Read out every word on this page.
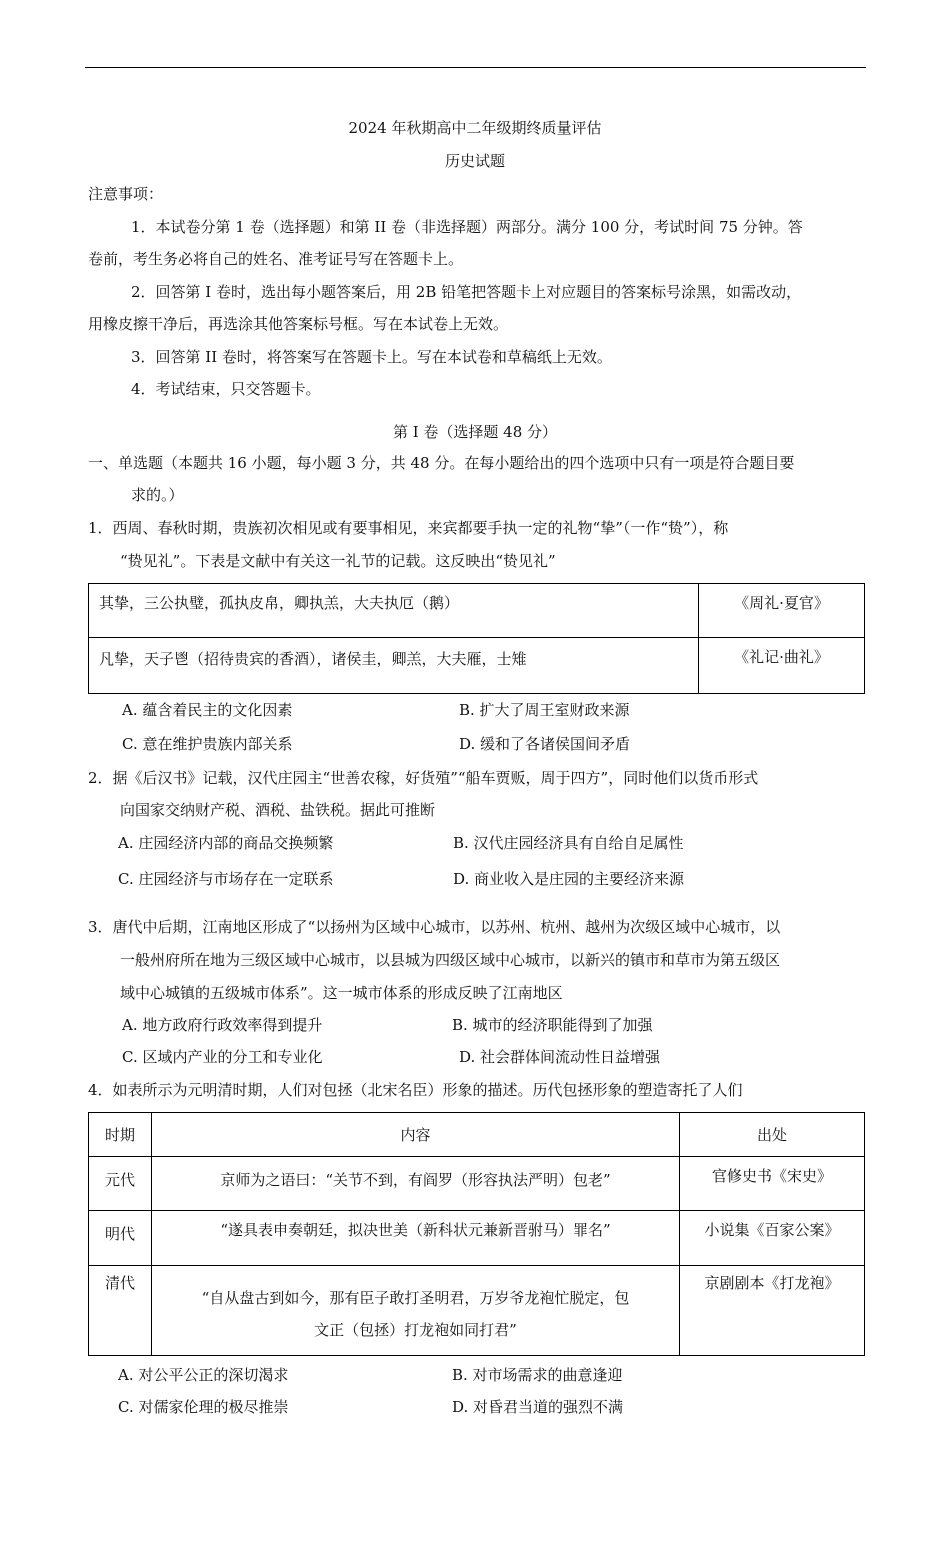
2024 年秋期高中二年级期终质量评估
历史试题
注意事项：
1．本试卷分第 1 卷（选择题）和第 II 卷（非选择题）两部分。满分 100 分，考试时间 75 分钟。答
卷前，考生务必将自己的姓名、准考证号写在答题卡上。
2．回答第 I 卷时，选出每小题答案后，用 2B 铅笔把答题卡上对应题目的答案标号涂黑，如需改动，
用橡皮擦干净后，再选涂其他答案标号框。写在本试卷上无效。
3．回答第 II 卷时，将答案写在答题卡上。写在本试卷和草稿纸上无效。
4．考试结束，只交答题卡。
第 I 卷（选择题 48 分）
一、单选题（本题共 16 小题，每小题 3 分，共 48 分。在每小题给出的四个选项中只有一项是符合题目要
求的。）
1．西周、春秋时期，贵族初次相见或有要事相见，来宾都要手执一定的礼物“挚”（一作“贽”），称
“贽见礼”。下表是文献中有关这一礼节的记载。这反映出“贽见礼”
其挚，三公执璧，孤执皮帛，卿执羔，大夫执厄（鹅）	《周礼·夏官》

凡挚，天子鬯（招待贵宾的香酒），诸侯圭，卿羔，大夫雁，士雉	《礼记·曲礼》
A. 蕴含着民主的文化因素	B. 扩大了周王室财政来源
C. 意在维护贵族内部关系	D. 缓和了各诸侯国间矛盾
2．据《后汉书》记载，汉代庄园主“世善农稼，好货殖”“船车贾贩，周于四方”，同时他们以货币形式
向国家交纳财产税、酒税、盐铁税。据此可推断
A. 庄园经济内部的商品交换频繁	B. 汉代庄园经济具有自给自足属性
C. 庄园经济与市场存在一定联系	D. 商业收入是庄园的主要经济来源
3．唐代中后期，江南地区形成了“以扬州为区域中心城市，以苏州、杭州、越州为次级区域中心城市，以
一般州府所在地为三级区域中心城市，以县城为四级区域中心城市，以新兴的镇市和草市为第五级区
域中心城镇的五级城市体系”。这一城市体系的形成反映了江南地区
A. 地方政府行政效率得到提升	B. 城市的经济职能得到了加强
C. 区域内产业的分工和专业化	D. 社会群体间流动性日益增强
4．如表所示为元明清时期，人们对包拯（北宋名臣）形象的描述。历代包拯形象的塑造寄托了人们
时期	内容	出处

元代	京师为之语曰：“关节不到，有阎罗（形容执法严明）包老”	官修史书《宋史》

明代	“遂具表申奏朝廷，拟决世美（新科状元兼新晋驸马）罪名”	小说集《百家公案》

清代	“自从盘古到如今，那有臣子敢打圣明君，万岁爷龙袍忙脱定，包
文正（包拯）打龙袍如同打君”	京剧剧本《打龙袍》
A. 对公平公正的深切渴求	B. 对市场需求的曲意逢迎
C. 对儒家伦理的极尽推崇	D. 对昏君当道的强烈不满
